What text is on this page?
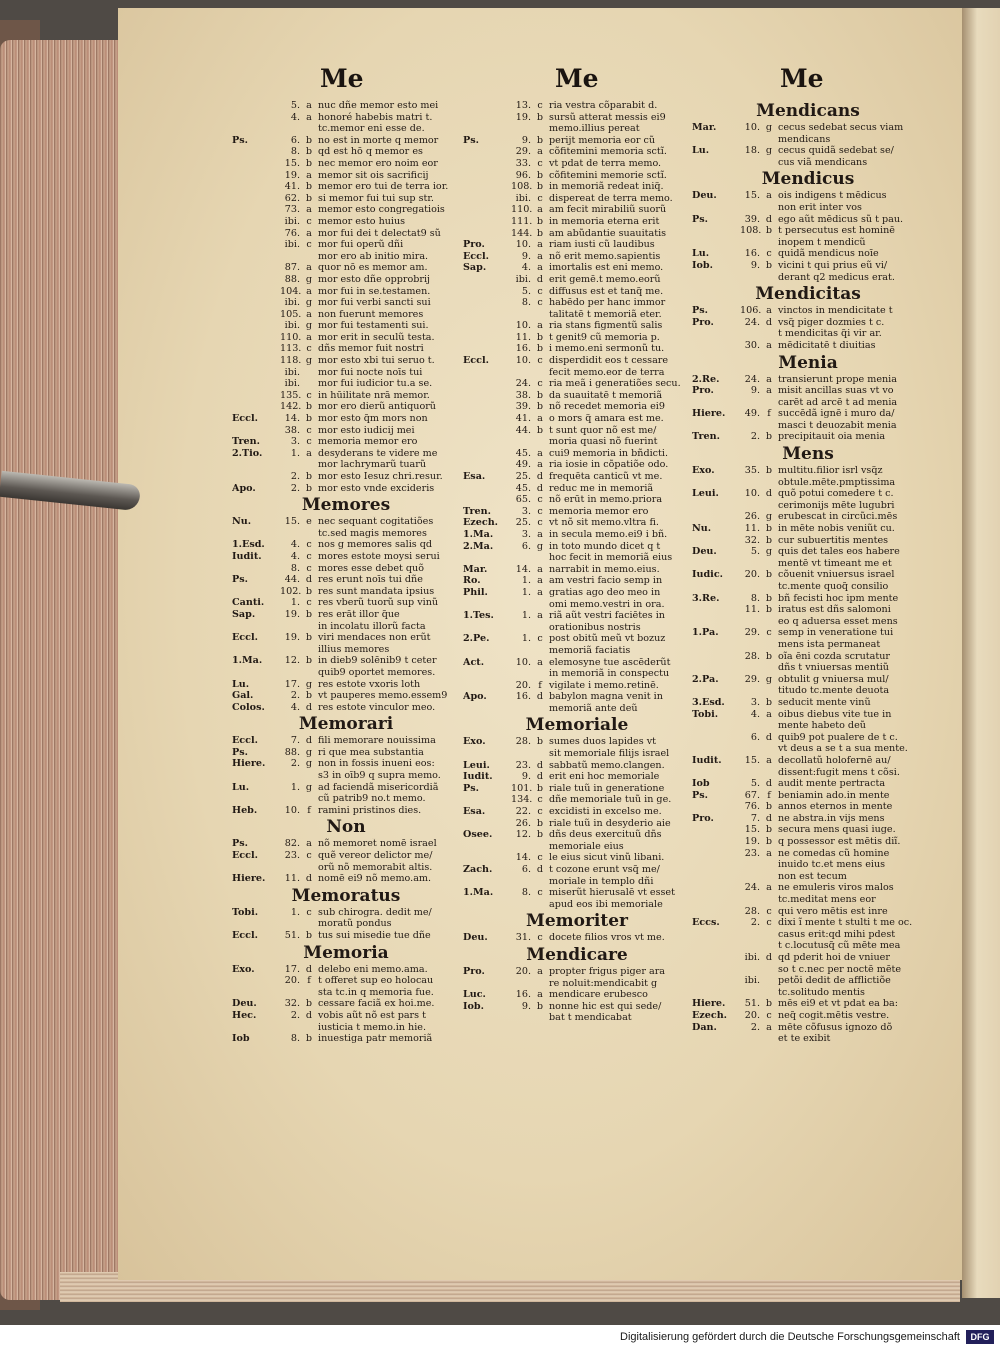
Me	Me	Me
5. a nuc dñe memor esto mei
4. a honoré habebis matri t.
tc.memor eni esse de.
Ps.	6. b no est in morte q memor
8. b qd est hō q memor es
15. b nec memor ero noim eor
19. a memor sit ois sacrificij
41. b memor ero tui de terra ior.
62. b si memor fui tui sup str.
73. a memor esto congregatiois
ibi. c memor esto huius
76. a mor fui dei t delectat9 sũ
ibi. c mor fui operũ dñi
mor ero ab initio mira.
87. a quor nō es memor am.
88. g mor esto dñe opprobrij
104. a mor fui in se.testamen.
ibi. g mor fui verbi sancti sui
105. a non fuerunt memores
ibi. g mor fui testamenti sui.
110. a mor erit in seculũ testa.
113. c dñs memor fuit nostri
118. g mor esto xbi tui seruo t.
ibi. mor fui nocte noīs tui
ibi. mor fui iudicior tu.a se.
135. c in hūilitate nrā memor.
142. b mor ero dierũ antiquorũ
Eccl.	14. b mor esto q̃m mors non
38. c mor esto iudicij mei
Tren.	3. c memoria memor ero
2.Tio.	1. a desyderans te videre me
mor lachrymarũ tuarũ
2. b mor esto Iesuz chri.resur.
Apo.	2. b mor esto vnde excideris
Memores
Nu.	15. e nec sequant̃ cogitatiões
tc.sed magis memores
1.Esd.	4. c nos g memores salis qd
Iudit.	4. c mores estote moysi serui
8. c mores esse debet quõ
Ps.	44. d res erunt noīs tui dñe
102. b res sunt mandata ipsius
Canti.	1. c res vberũ tuorũ sup vinũ
Sap.	19. b res erāt illor q̃ue
in incolatu illorũ facta
Eccl.	19. b viri mendaces non erũt
illius memores
1.Ma. 12. b in dieb9 solēnib9 t ceter
quib9 oportet memores.
Lu.	17. g res estote vxoris loth
Gal.	2. b vt pauperes memo.essem9
Colos.	4. d res estote vinculor meo.
Memorari
Eccl.	7. d fili memorare nouissima
Ps.	88. g ri que mea substantia
Hiere.	2. g non in fossis inueni eos:
s3 in oīb9 q supra memo.
Lu.	1. g ad faciendã misericordiã
cũ patrib9 no.t memo.
Heb.	10. f ramini pristinos dies.
Non
Ps.	82. a nõ memoret̃ nomē israel
Eccl.	23. c quẽ vereor delictor me/
orũ nõ memorabit̃ altis.
Hiere. 11. d nomē ei9 nõ memo.am.
Memoratus
Tobi.	1. c sub chirogra. dedit me/
moratũ pondus
Eccl.	51. b tus sui misedie tue dñe
Memoria
Exo.	17. d delebo eni memo.ama.
20. f t offeret̃ sup eo holocau
sta tc.in q memoria fue.
Deu.	32. b cessare faciã ex hoi.me.
Hec.	2. d vobis aũt nõ est pars t
iusticia t memo.in hie.
Iob	8. b inuestiga patr memoriã
13. c ria vestra cõparabit̃ d.
19. b sursũ atterat̃ messis ei9
memo.illius pereat
Ps.	9. b perijt memoria eor cũ
29. a cõfitemini memoria sctĩ.
33. c vt pdat de terra memo.
96. b cõfitemini memorie sctĩ.
108. b in memoriã redeat iniq̃.
ibi. c dispereat de terra memo.
110. a am fecit mirabiliũ suorũ
111. b in memoria eterna erit
144. b am abũdantie suauitatis
Pro.	10. a riam iusti cũ laudibus
Eccl.	9. a nõ erit memo.sapientis
Sap.	4. a imortalis est eni memo.
ibi. d erit gemē.t memo.eorũ
5. c diffusus est et tanq̃ me.
8. c habēdo per hanc immor
talitatē t memoriã eter.
10. a ria stans figmentũ salis
11. b t genit9 cũ memoria p.
16. b i memo.eni sermonũ tu.
Eccl.	10. c disperdidit eos t cessare
fecit memo.eor de terra
24. c ria meã i generatiões secu.
38. b da suauitatē t memoriã
39. b nõ recedet memoria ei9
41. a o mors q̃ amara est me.
44. b t sunt quor nõ est me/
moria quasi nõ fuerint
45. a cui9 memoria in bñdicti.
49. a ria iosie in cõpatiõe odo.
Esa.	25. d frequēta canticũ vt me.
45. d reduc me in memoriã
65. c nõ erūt in memo.priora
Tren.	3. c memoria memor ero
Ezech. 25. c vt nõ sit memo.vltra fi.
1.Ma.	3. a in secula memo.ei9 i bñ.
2.Ma.	6. g in toto mundo dicet̃ q t
hoc fecit in memoriã eius
Mar.	14. a narrabit̃ in memo.eius.
Ro.	1. a am vestri facio semp in
Phil.	1. a gratias ago deo meo in
omi memo.vestri in ora.
1.Tes.	1. a riã aũt vestri faciētes in
orationibus nostris
2.Pe.	1. c post obitũ meũ vt bozuz
memoriã faciatis
Act.	10. a elemosyne tue ascēderũt
in memoriã in conspectu
20. f vigilate i memo.retinē.
Apo.	16. d babylon magna venit in
memoriã ante deũ
Memoriale
Exo.	28. b sumes duos lapides vt
sit memoriale filijs israel
Leui.	23. d sabbatũ memo.clangen.
Iudit.	9. d erit eni hoc memoriale
Ps.	101. b riale tuũ in generatione
134. c dñe memoriale tuũ in ge.
Esa.	22. c excidisti in excelso me.
26. b riale tuũ in desyderio aie
Osee. 12. b dñs deus exercituũ dñs
memoriale eius
14. c le eius sicut vinũ libani.
Zach.	6. d t cozone erunt vsq̃ me/
moriale in templo dñi
1.Ma.	8. c miserũt hierusalē vt esset
apud eos ibi memoriale
Memoriter
Deu.	31. c docete filios vros vt me.
Mendicare
Pro.	20. a propter frigus piger ara
re noluit:mendicabit g
Luc.	16. a mendicare erubesco
Iob.	9. b nonne hic est qui sede/
bat t mendicabat
Mendicans
Mar.	10. g cecus sedebat secus viam
mendicans
Lu.	18. g cecus quidã sedebat se/
cus viã mendicans
Mendicus
Deu.	15. a ois indigens t mēdicus
non erit inter vos
Ps.	39. d ego aũt mēdicus sũ t pau.
108. b t persecutus est hominē
inopem t mendicũ
Lu.	16. c quidã mendicus noīe
Iob.	9. b vicini t qui prius eũ vi/
derant q2 medicus erat.
Mendicitas
Ps.	106. a vinctos in mendicitate t
Pro.	24. d vsq̃ piger dozmies t c.
t mendicitas q̃i vir ar.
30. a mēdicitatē t diuitias
Menia
2.Re.	24. a transierunt prope menia
Pro.	9. a misit ancillas suas vt vo
carēt ad arcē t ad menia
Hiere. 49. f succēdã ignē i muro da/
masci t deuozabit menia
Tren.	2. b precipitauit oia menia
Mens
Exo.	35. b multitu.filior isrl̃ vsq̃z
obtule.mēte.pmptissima
Leui.	10. d quõ potui comedere t c.
cerimonijs mēte lugubri
26. g erubescat in circũci.mēs
Nu.	11. b in mēte nobis veniũt cu.
32. b cur subuertitis mentes
Deu.	5. g quis det tales eos habere
mentē vt timeant me et
Iudic. 20. b cõuenit vniuersus israel
tc.mente quoq̃ consilio
3.Re.	8. b bñ fecisti hoc ipm mente
11. b iratus est dñs salomoni
eo q aduersa esset mens
1.Pa.	29. c semp in veneratione tui
mens ista permaneat
28. b oĩa ēni cozda scrutatur
dñs t vniuersas mentiũ
2.Pa.	29. g obtulit g vniuersa mul/
titudo tc.mente deuota
3.Esd.	3. b seducit mente vinũ
Tobi.	4. a oibus diebus vite tue in
mente habeto deũ
6. d quib9 pot̃ pualere de t c.
vt deus a se t a sua mente.
Iudit. 15. a decollatũ holofernē au/
dissent:fugit mens t cõsi.
Iob	5. d audit mente pertracta
Ps.	67. f beniamin ado.in mente
76. b annos eternos in mente
Pro.	7. d ne abstra.in vijs mens
15. b secura mens quasi iuge.
19. b q possessor est mētis diĩ.
23. a ne comedas cũ homine
inuido tc.et mens eius
non est tecum
24. a ne emuleris viros malos
tc.meditat̃ mens eor
28. c qui vero mētis est inre
Eccs.	2. c dixi ĩ mente t stulti t me oc.
casus erit:qd mihi pdest
t c.locutusq̃ cũ mēte mea
ibi. d qd pderit hoi de vniuer
so t c.nec per noctē mēte
ibi. petõi dedit de afflictiõe
tc.solitudo mentis
Hiere. 51. b mēs ei9 et vt pdat ea ba:
Ezech. 20. c neq̃ cogit.mētis vestre.
Dan.	2. a mēte cõfusus ignozo dõ
et te exibit
Digitalisierung gefördert durch die Deutsche Forschungsgemeinschaft	DFG
